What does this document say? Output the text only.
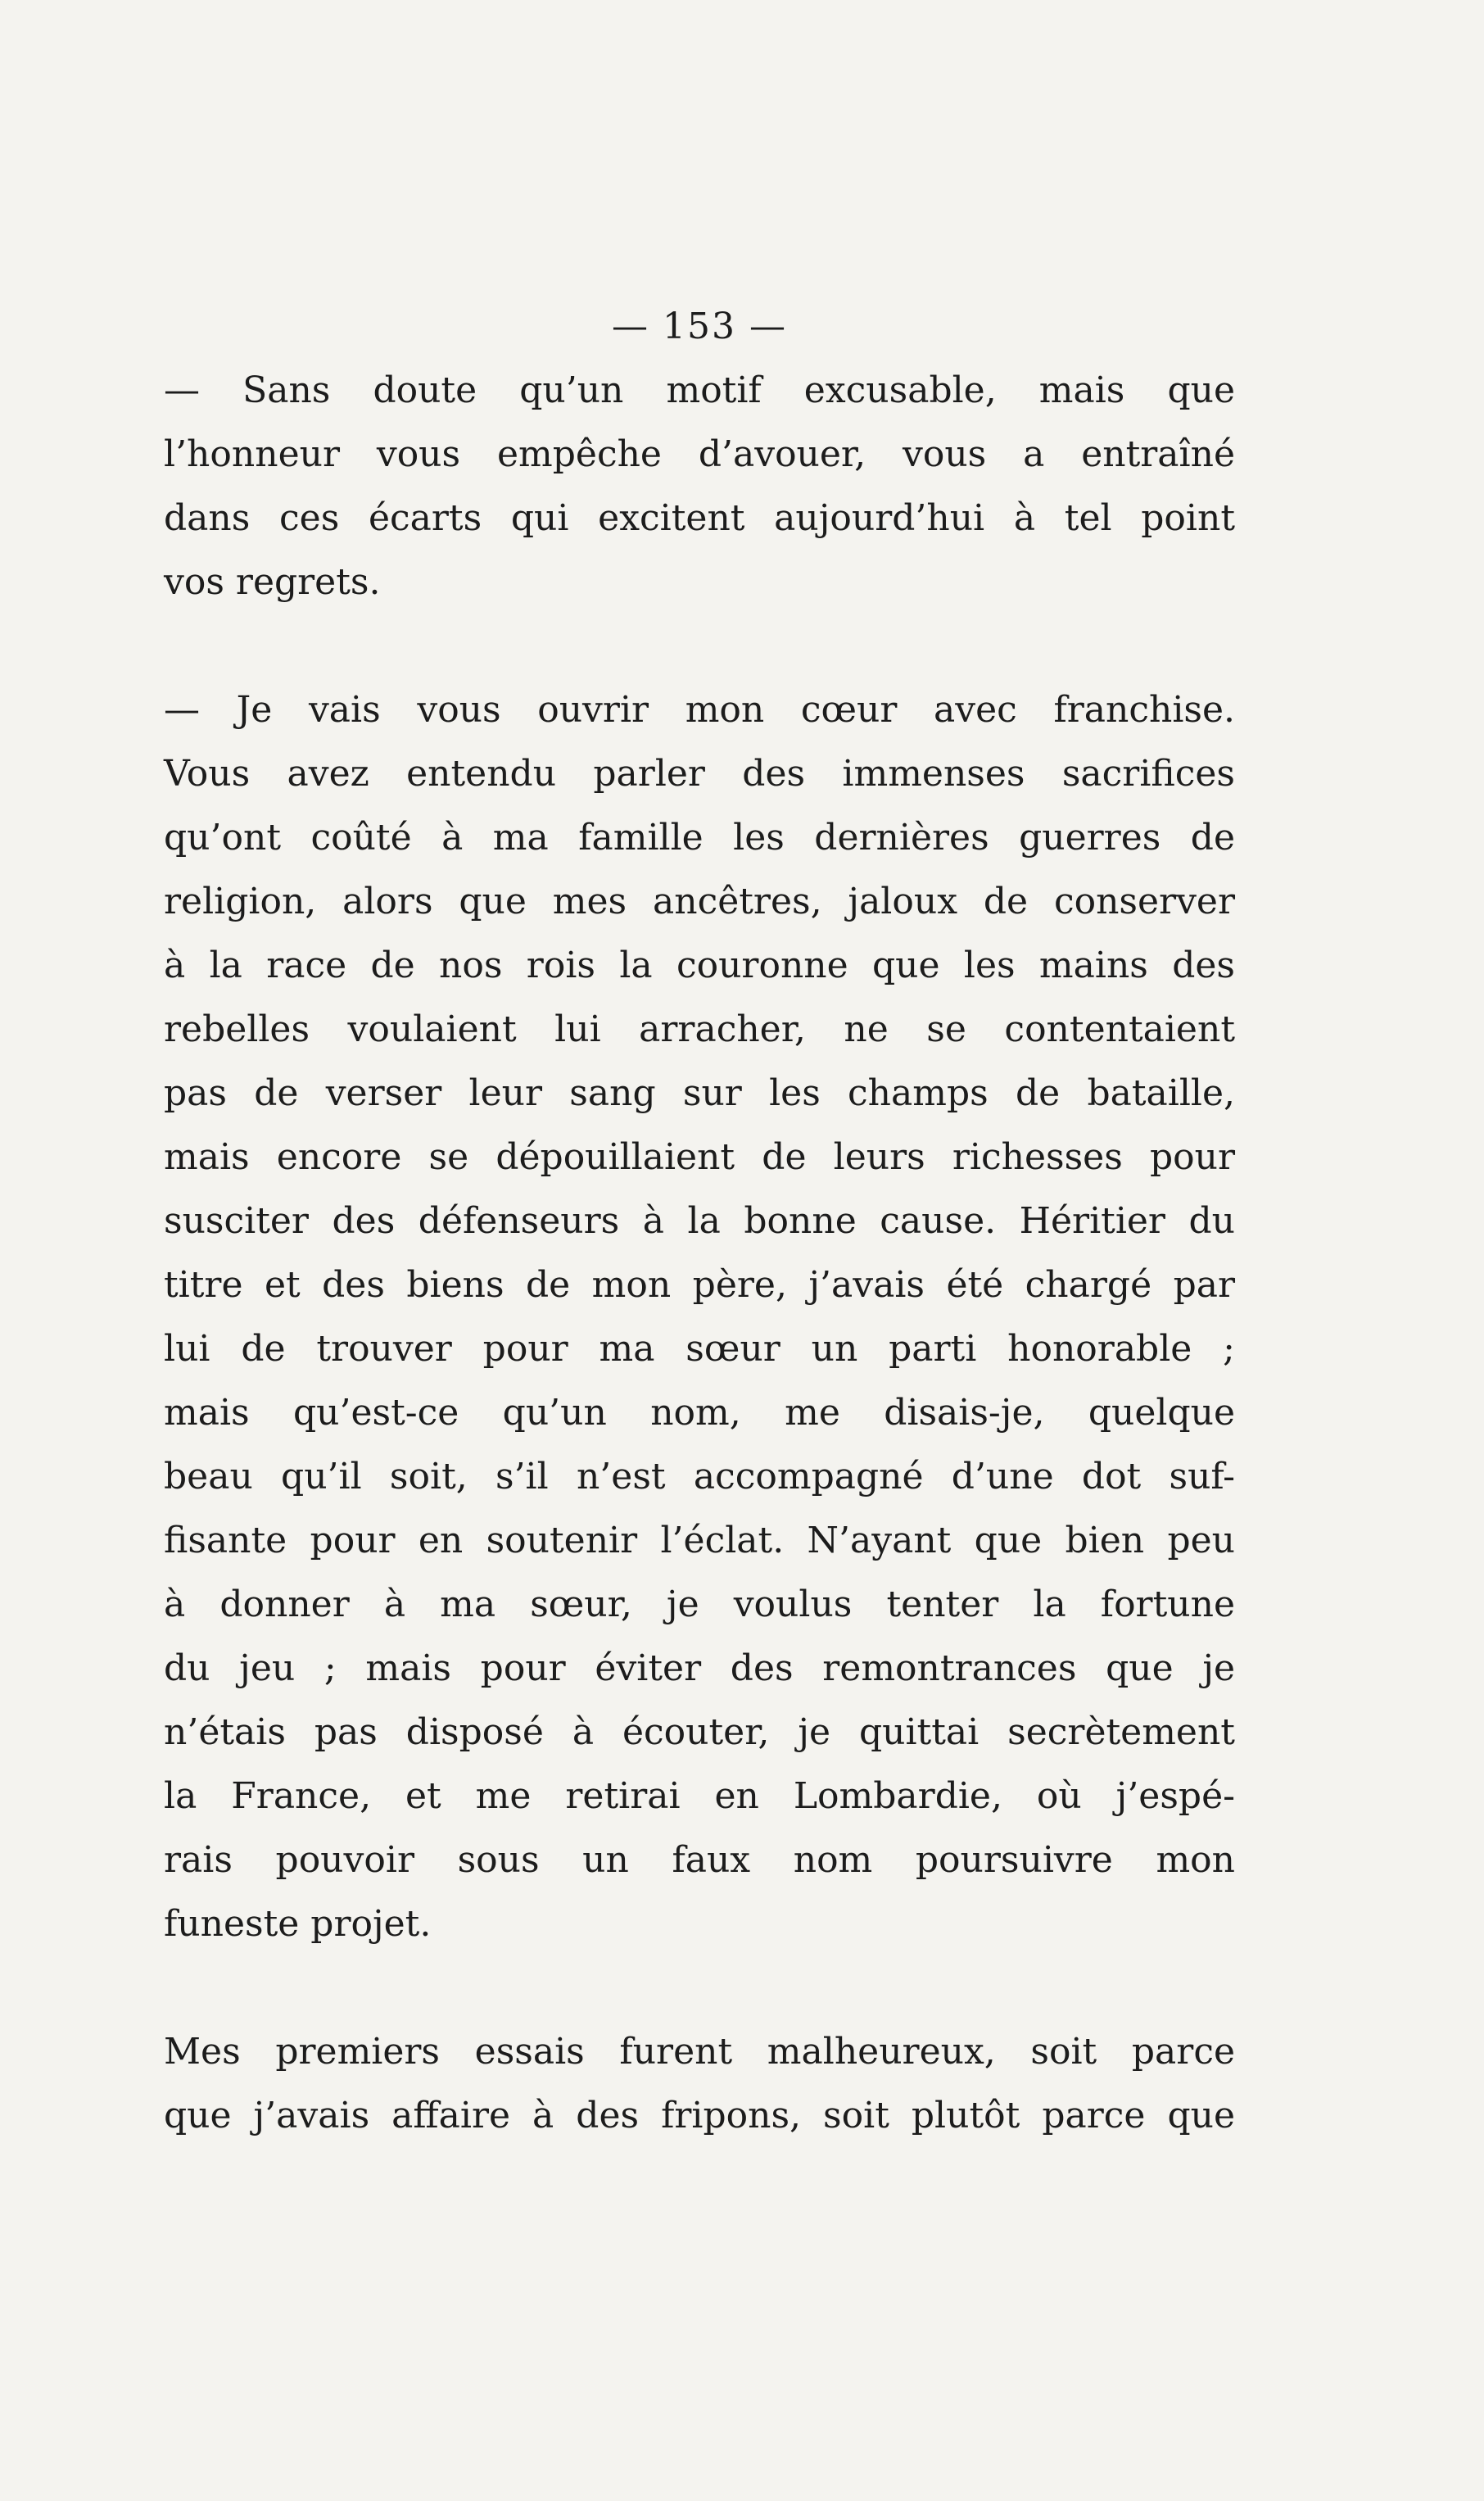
— 153 —
— Sans doute qu’un motif excusable, mais que
l’honneur vous empêche d’avouer, vous a entraîné
dans ces écarts qui excitent aujourd’hui à tel point
vos regrets.
— Je vais vous ouvrir mon cœur avec franchise.
Vous avez entendu parler des immenses sacrifices
qu’ont coûté à ma famille les dernières guerres de
religion, alors que mes ancêtres, jaloux de conserver
à la race de nos rois la couronne que les mains des
rebelles voulaient lui arracher, ne se contentaient
pas de verser leur sang sur les champs de bataille,
mais encore se dépouillaient de leurs richesses pour
susciter des défenseurs à la bonne cause. Héritier du
titre et des biens de mon père, j’avais été chargé par
lui de trouver pour ma sœur un parti honorable ;
mais qu’est-ce qu’un nom, me disais-je, quelque
beau qu’il soit, s’il n’est accompagné d’une dot suf-
fisante pour en soutenir l’éclat. N’ayant que bien peu
à donner à ma sœur, je voulus tenter la fortune
du jeu ; mais pour éviter des remontrances que je
n’étais pas disposé à écouter, je quittai secrètement
la France, et me retirai en Lombardie, où j’espé-
rais pouvoir sous un faux nom poursuivre mon
funeste projet.
Mes premiers essais furent malheureux, soit parce
que j’avais affaire à des fripons, soit plutôt parce que
